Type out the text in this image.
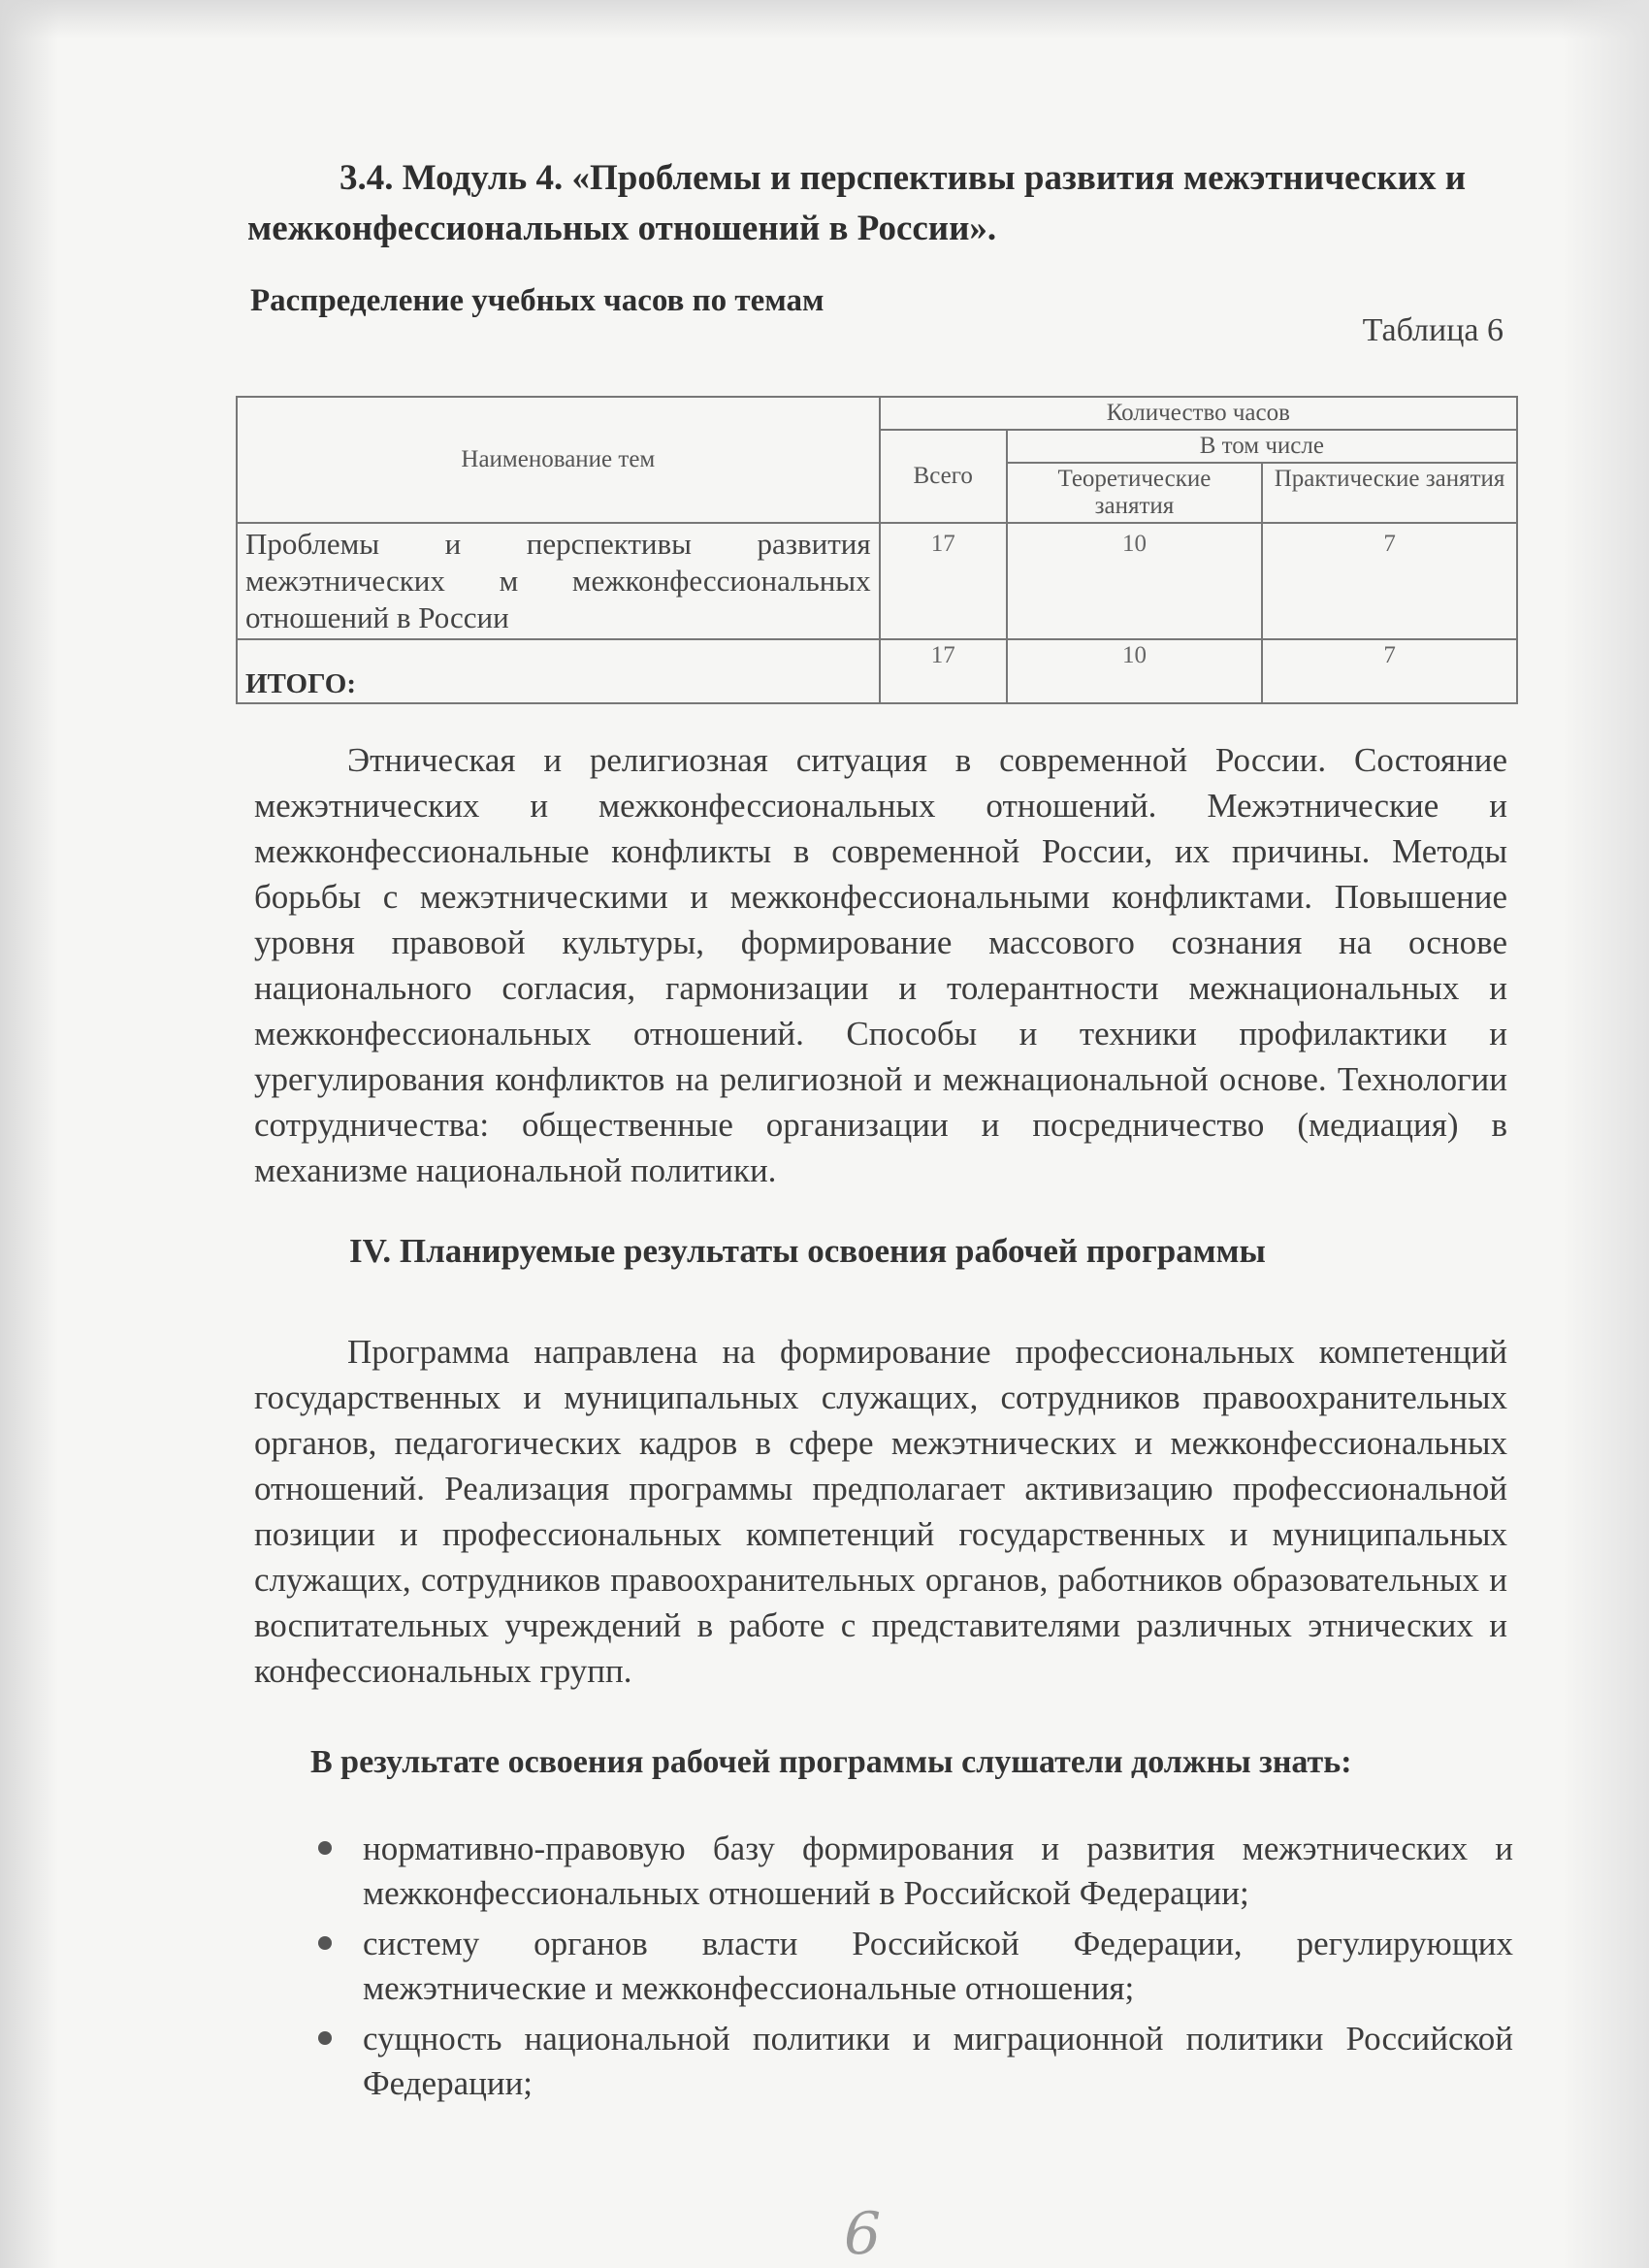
3.4. Модуль 4. «Проблемы и перспективы развития межэтнических и межконфессиональных отношений в России».
Распределение учебных часов по темам
Таблица 6
Наименование тем	Количество часов		
	Всего	В том числе	
		Теоретические занятия	Практические занятия
Проблемы и перспективы развития межэтнических м межконфессиональных отношений в России	17	10	7
ИТОГО:	17	10	7
Этническая и религиозная ситуация в современной России. Состояние межэтнических и межконфессиональных отношений. Межэтнические и межконфессиональные конфликты в современной России, их причины. Методы борьбы с межэтническими и межконфессиональными конфликтами. Повышение уровня правовой культуры, формирование массового сознания на основе национального согласия, гармонизации и толерантности межнациональных и межконфессиональных отношений. Способы и техники профилактики и урегулирования конфликтов на религиозной и межнациональной основе. Технологии сотрудничества: общественные организации и посредничество (медиация) в механизме национальной политики.
IV. Планируемые результаты освоения рабочей программы
Программа направлена на формирование профессиональных компетенций государственных и муниципальных служащих, сотрудников правоохранительных органов, педагогических кадров в сфере межэтнических и межконфессиональных отношений. Реализация программы предполагает активизацию профессиональной позиции и профессиональных компетенций государственных и муниципальных служащих, сотрудников правоохранительных органов, работников образовательных и воспитательных учреждений в работе с представителями различных этнических и конфессиональных групп.
В результате освоения рабочей программы слушатели должны знать:
нормативно-правовую базу формирования и развития межэтнических и межконфессиональных отношений в Российской Федерации;
систему органов власти Российской Федерации, регулирующих межэтнические и межконфессиональные отношения;
сущность национальной политики и миграционной политики Российской Федерации;
6
